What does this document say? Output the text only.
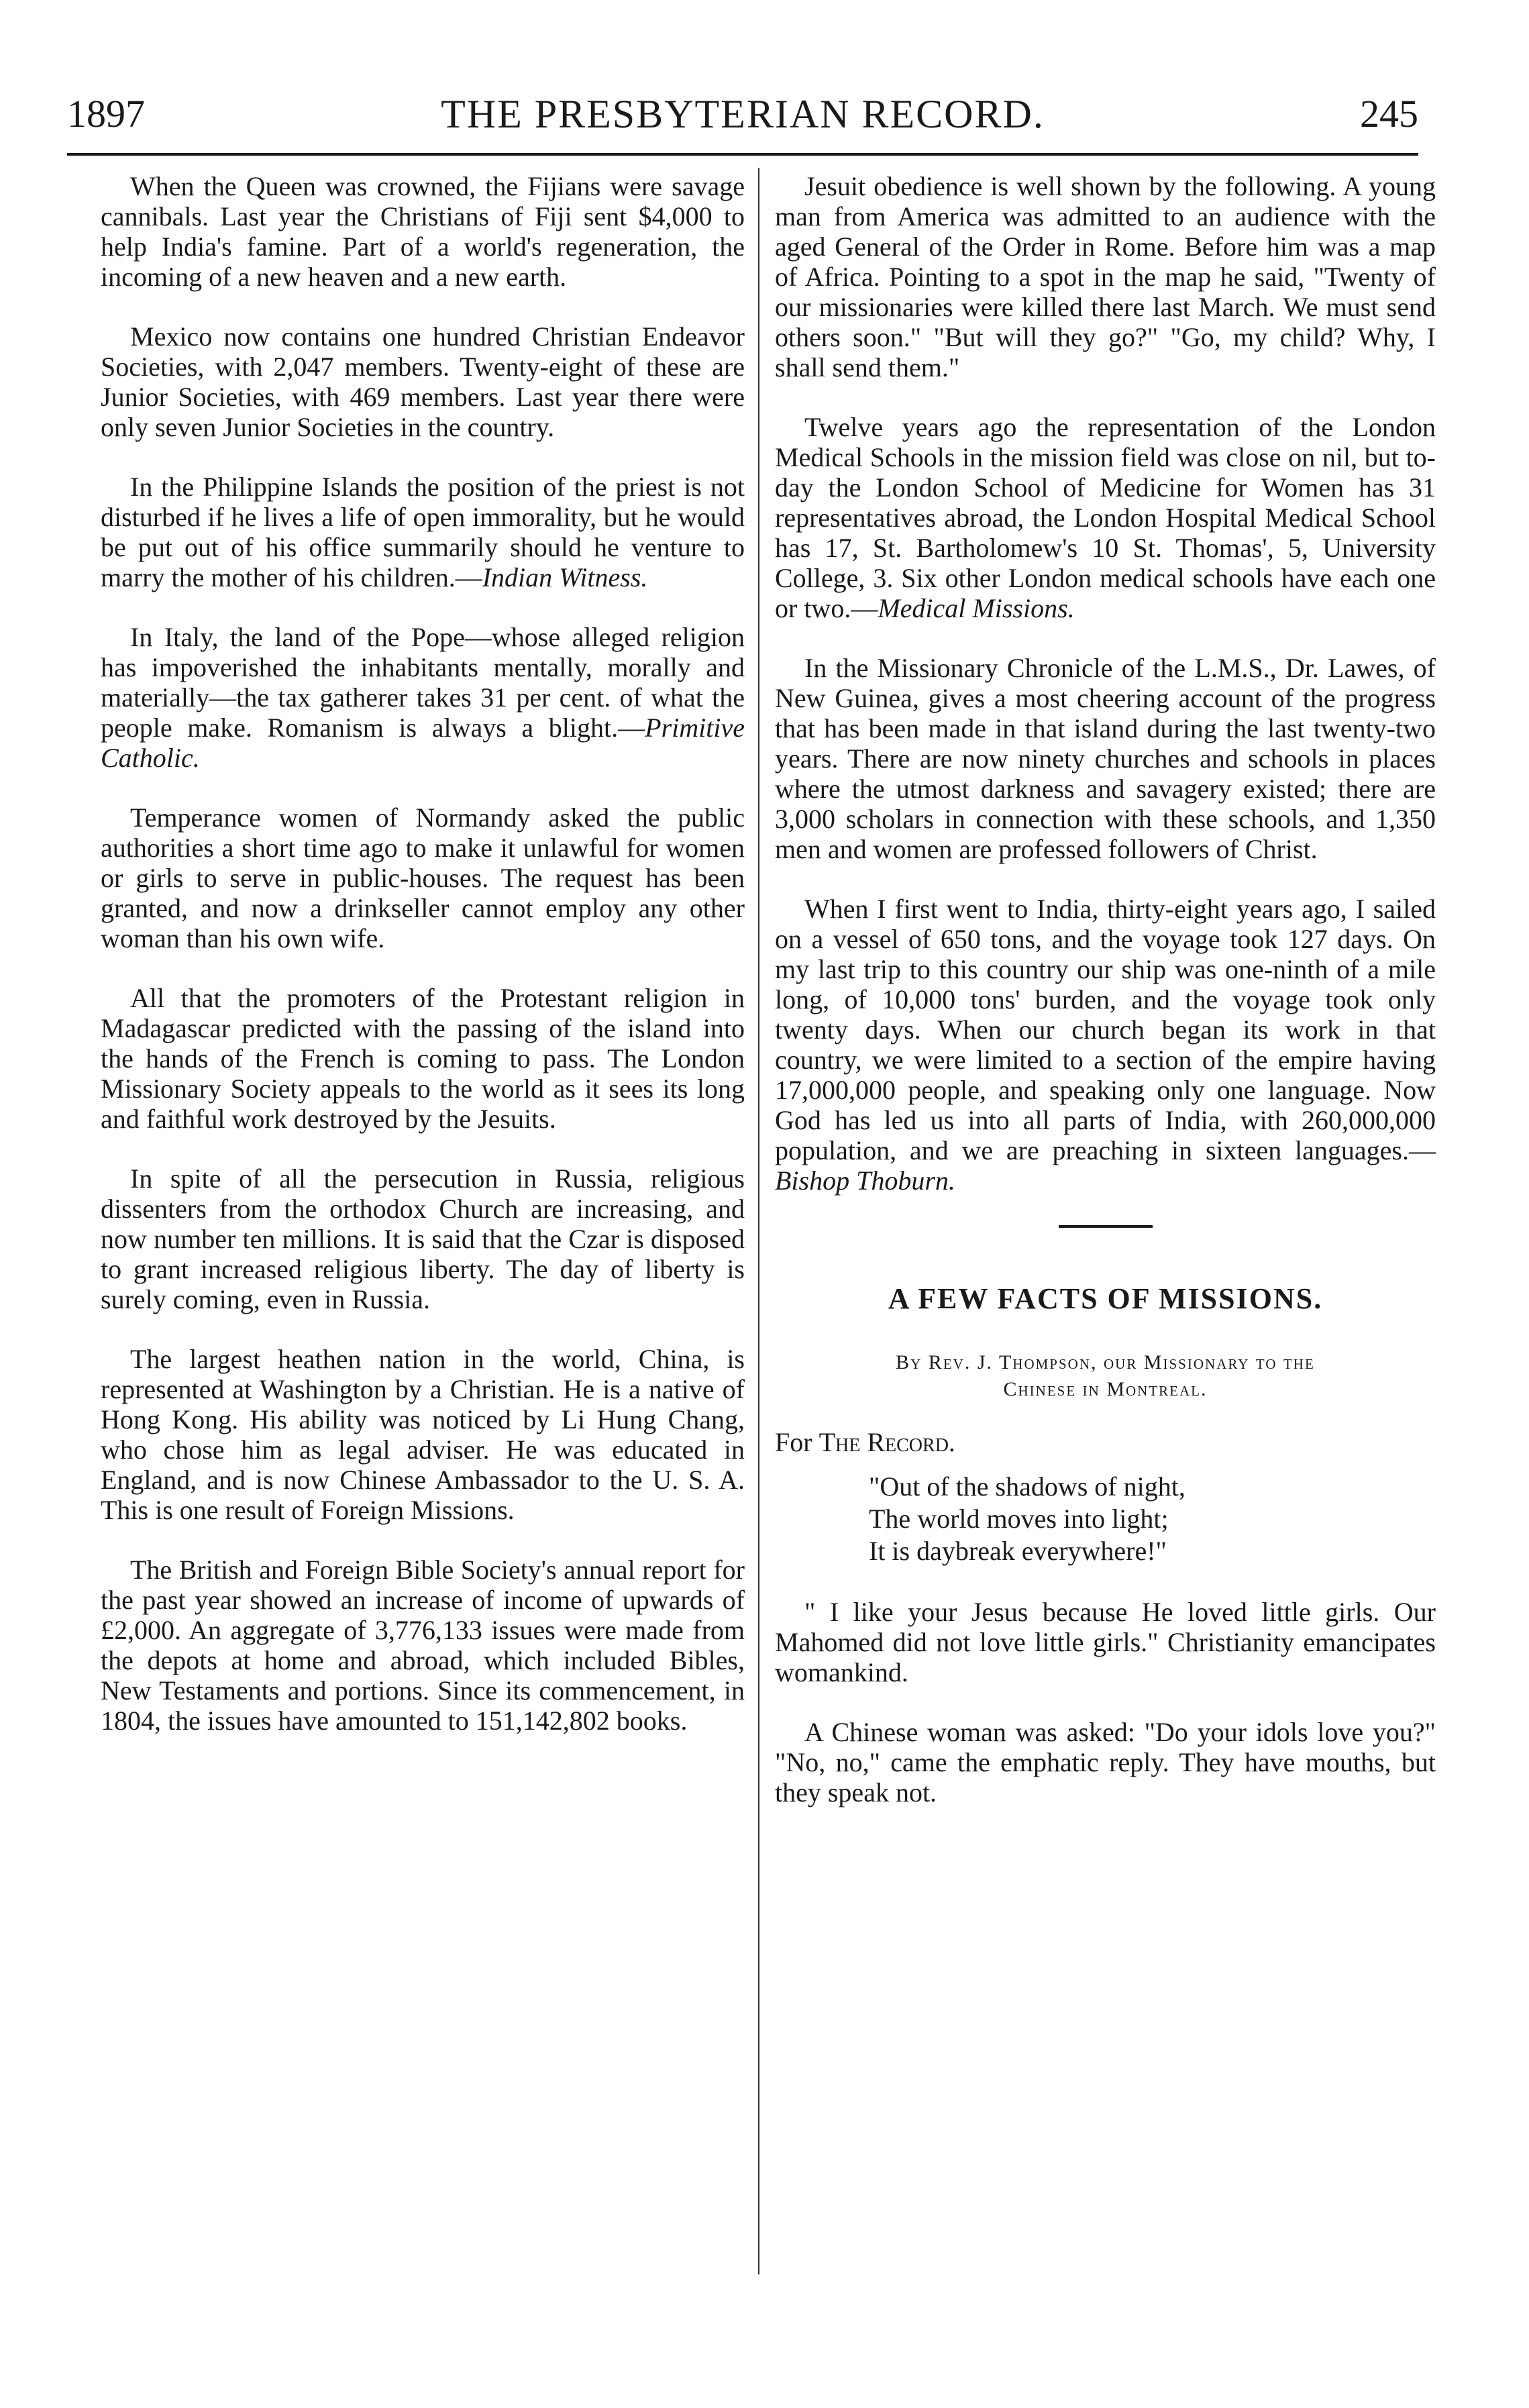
1897	THE PRESBYTERIAN RECORD.	245

When the Queen was crowned, the Fijians were savage cannibals. Last year the Christians of Fiji sent $4,000 to help India's famine. Part of a world's regeneration, the incoming of a new heaven and a new earth.

Mexico now contains one hundred Christian Endeavor Societies, with 2,047 members. Twenty-eight of these are Junior Societies, with 469 members. Last year there were only seven Junior Societies in the country.

In the Philippine Islands the position of the priest is not disturbed if he lives a life of open immorality, but he would be put out of his office summarily should he venture to marry the mother of his children.—Indian Witness.

In Italy, the land of the Pope—whose alleged religion has impoverished the inhabitants mentally, morally and materially—the tax gatherer takes 31 per cent. of what the people make. Romanism is always a blight.—Primitive Catholic.

Temperance women of Normandy asked the public authorities a short time ago to make it unlawful for women or girls to serve in public-houses. The request has been granted, and now a drinkseller cannot employ any other woman than his own wife.

All that the promoters of the Protestant religion in Madagascar predicted with the passing of the island into the hands of the French is coming to pass. The London Missionary Society appeals to the world as it sees its long and faithful work destroyed by the Jesuits.

In spite of all the persecution in Russia, religious dissenters from the orthodox Church are increasing, and now number ten millions. It is said that the Czar is disposed to grant increased religious liberty. The day of liberty is surely coming, even in Russia.

The largest heathen nation in the world, China, is represented at Washington by a Christian. He is a native of Hong Kong. His ability was noticed by Li Hung Chang, who chose him as legal adviser. He was educated in England, and is now Chinese Ambassador to the U. S. A. This is one result of Foreign Missions.

The British and Foreign Bible Society's annual report for the past year showed an increase of income of upwards of £2,000. An aggregate of 3,776,133 issues were made from the depots at home and abroad, which included Bibles, New Testaments and portions. Since its commencement, in 1804, the issues have amounted to 151,142,802 books.

Jesuit obedience is well shown by the following. A young man from America was admitted to an audience with the aged General of the Order in Rome. Before him was a map of Africa. Pointing to a spot in the map he said, "Twenty of our missionaries were killed there last March. We must send others soon." "But will they go?" "Go, my child? Why, I shall send them."

Twelve years ago the representation of the London Medical Schools in the mission field was close on nil, but to-day the London School of Medicine for Women has 31 representatives abroad, the London Hospital Medical School has 17, St. Bartholomew's 10 St. Thomas', 5, University College, 3. Six other London medical schools have each one or two.—Medical Missions.

In the Missionary Chronicle of the L.M.S., Dr. Lawes, of New Guinea, gives a most cheering account of the progress that has been made in that island during the last twenty-two years. There are now ninety churches and schools in places where the utmost darkness and savagery existed; there are 3,000 scholars in connection with these schools, and 1,350 men and women are professed followers of Christ.

When I first went to India, thirty-eight years ago, I sailed on a vessel of 650 tons, and the voyage took 127 days. On my last trip to this country our ship was one-ninth of a mile long, of 10,000 tons' burden, and the voyage took only twenty days. When our church began its work in that country, we were limited to a section of the empire having 17,000,000 people, and speaking only one language. Now God has led us into all parts of India, with 260,000,000 population, and we are preaching in sixteen languages.—Bishop Thoburn.

A FEW FACTS OF MISSIONS.
By Rev. J. Thompson, our Missionary to the
Chinese in Montreal.
For The Record.
"Out of the shadows of night,
The world moves into light;
It is daybreak everywhere!"

" I like your Jesus because He loved little girls. Our Mahomed did not love little girls." Christianity emancipates womankind.

A Chinese woman was asked: "Do your idols love you?" "No, no," came the emphatic reply. They have mouths, but they speak not.
